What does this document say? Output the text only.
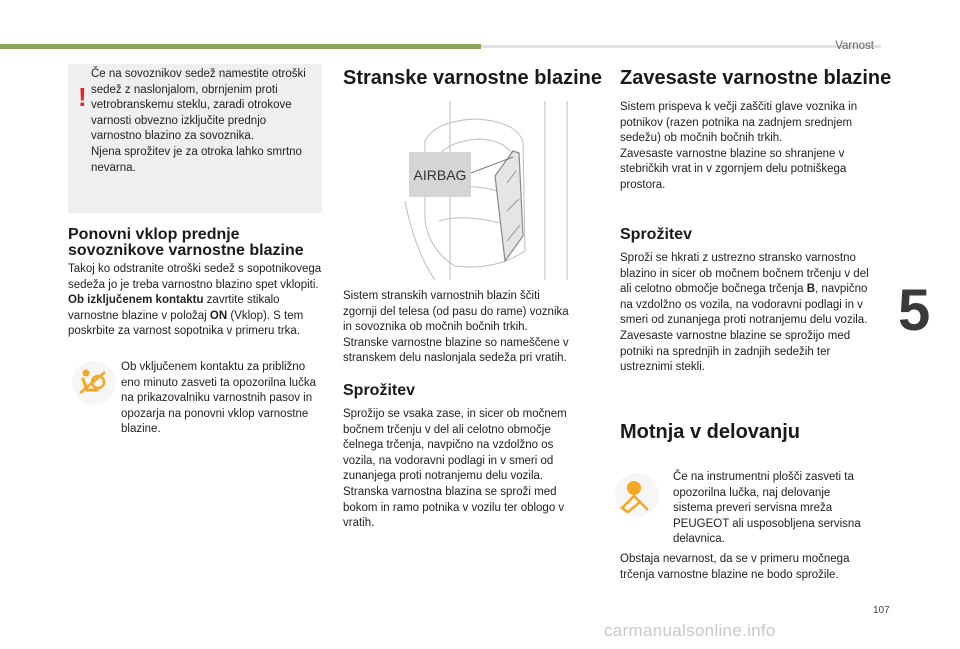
Varnost
5
!
Če na sovoznikov sedež namestite otroški sedež z naslonjalom, obrnjenim proti vetrobranskemu steklu, zaradi otrokove varnosti obvezno izključite prednjo varnostno blazino za sovoznika.
Njena sprožitev je za otroka lahko smrtno nevarna.
Ponovni vklop prednje sovoznikove varnostne blazine
Takoj ko odstranite otroški sedež s sopotnikovega sedeža jo je treba varnostno blazino spet vklopiti. Ob izključenem kontaktu zavrtite stikalo varnostne blazine v položaj ON (Vklop). S tem poskrbite za varnost sopotnika v primeru trka.
Ob vključenem kontaktu za približno eno minuto zasveti ta opozorilna lučka na prikazovalniku varnostnih pasov in opozarja na ponovni vklop varnostne blazine.
Stranske varnostne blazine
AIRBAG
Sistem stranskih varnostnih blazin ščiti zgornji del telesa (od pasu do rame) voznika in sovoznika ob močnih bočnih trkih.
Stranske varnostne blazine so nameščene v stranskem delu naslonjala sedeža pri vratih.
Sprožitev
Sprožijo se vsaka zase, in sicer ob močnem bočnem trčenju v del ali celotno območje čelnega trčenja, navpično na vzdolžno os vozila, na vodoravni podlagi in v smeri od zunanjega proti notranjemu delu vozila.
Stranska varnostna blazina se sproži med bokom in ramo potnika v vozilu ter oblogo v vratih.
Zavesaste varnostne blazine
Sistem prispeva k večji zaščiti glave voznika in potnikov (razen potnika na zadnjem srednjem sedežu) ob močnih bočnih trkih.
Zavesaste varnostne blazine so shranjene v stebričkih vrat in v zgornjem delu potniškega prostora.
Sprožitev
Sproži se hkrati z ustrezno stransko varnostno blazino in sicer ob močnem bočnem trčenju v del ali celotno območje bočnega trčenja B, navpično na vzdolžno os vozila, na vodoravni podlagi in v smeri od zunanjega proti notranjemu delu vozila.
Zavesaste varnostne blazine se sprožijo med potniki na sprednjih in zadnjih sedežih ter ustreznimi stekli.
Motnja v delovanju
Če na instrumentni plošči zasveti ta opozorilna lučka, naj delovanje sistema preveri servisna mreža PEUGEOT ali usposobljena servisna delavnica.
Obstaja nevarnost, da se v primeru močnega trčenja varnostne blazine ne bodo sprožile.
107
carmanualsonline.info
